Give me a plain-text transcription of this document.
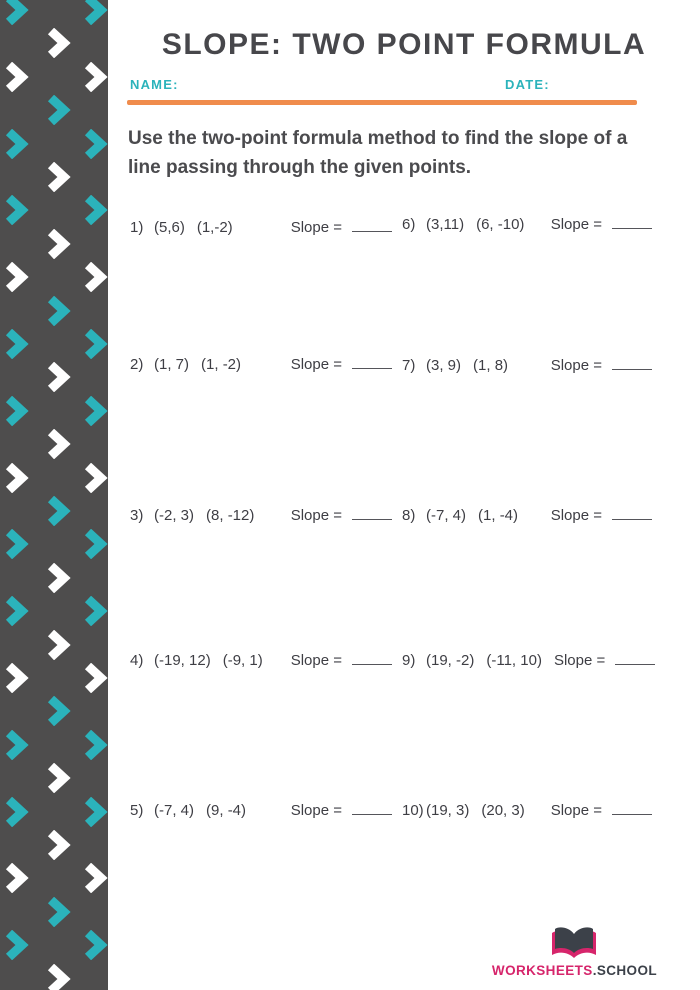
SLOPE: TWO POINT FORMULA
NAME:	DATE:
Use the two-point formula method to find the slope of a line passing through the given points.
1) (5,6) (1,-2)	Slope =
2) (1, 7) (1, -2)	Slope =
3) (-2, 3) (8, -12) Slope =
4) (-19, 12) (-9, 1) Slope =
5) (-7, 4) (9, -4)	Slope =
6) (3,11) (6, -10) Slope =
7) (3, 9) (1, 8)	Slope =
8) (-7, 4) (1, -4) Slope =
9) (19, -2) (-11, 10) Slope =
10) (19, 3) (20, 3) Slope =
WORKSHEETS.SCHOOL
